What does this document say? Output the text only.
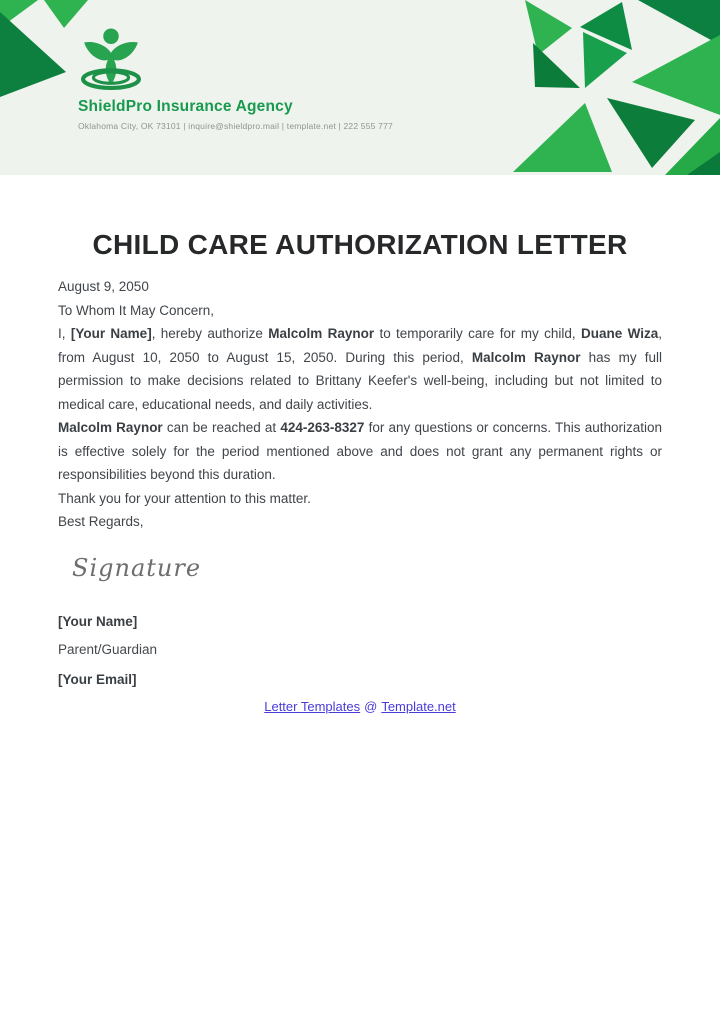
ShieldPro Insurance Agency
Oklahoma City, OK 73101 | inquire@shieldpro.mail | template.net | 222 555 777
CHILD CARE AUTHORIZATION LETTER

August 9, 2050

To Whom It May Concern,

I, [Your Name], hereby authorize Malcolm Raynor to temporarily care for my child, Duane Wiza, from August 10, 2050 to August 15, 2050. During this period, Malcolm Raynor has my full permission to make decisions related to Brittany Keefer's well-being, including but not limited to medical care, educational needs, and daily activities.

Malcolm Raynor can be reached at 424-263-8327 for any questions or concerns. This authorization is effective solely for the period mentioned above and does not grant any permanent rights or responsibilities beyond this duration.

Thank you for your attention to this matter.

Best Regards,

Signature
[Your Name]
Parent/Guardian
[Your Email]
Letter Templates @ Template.net
